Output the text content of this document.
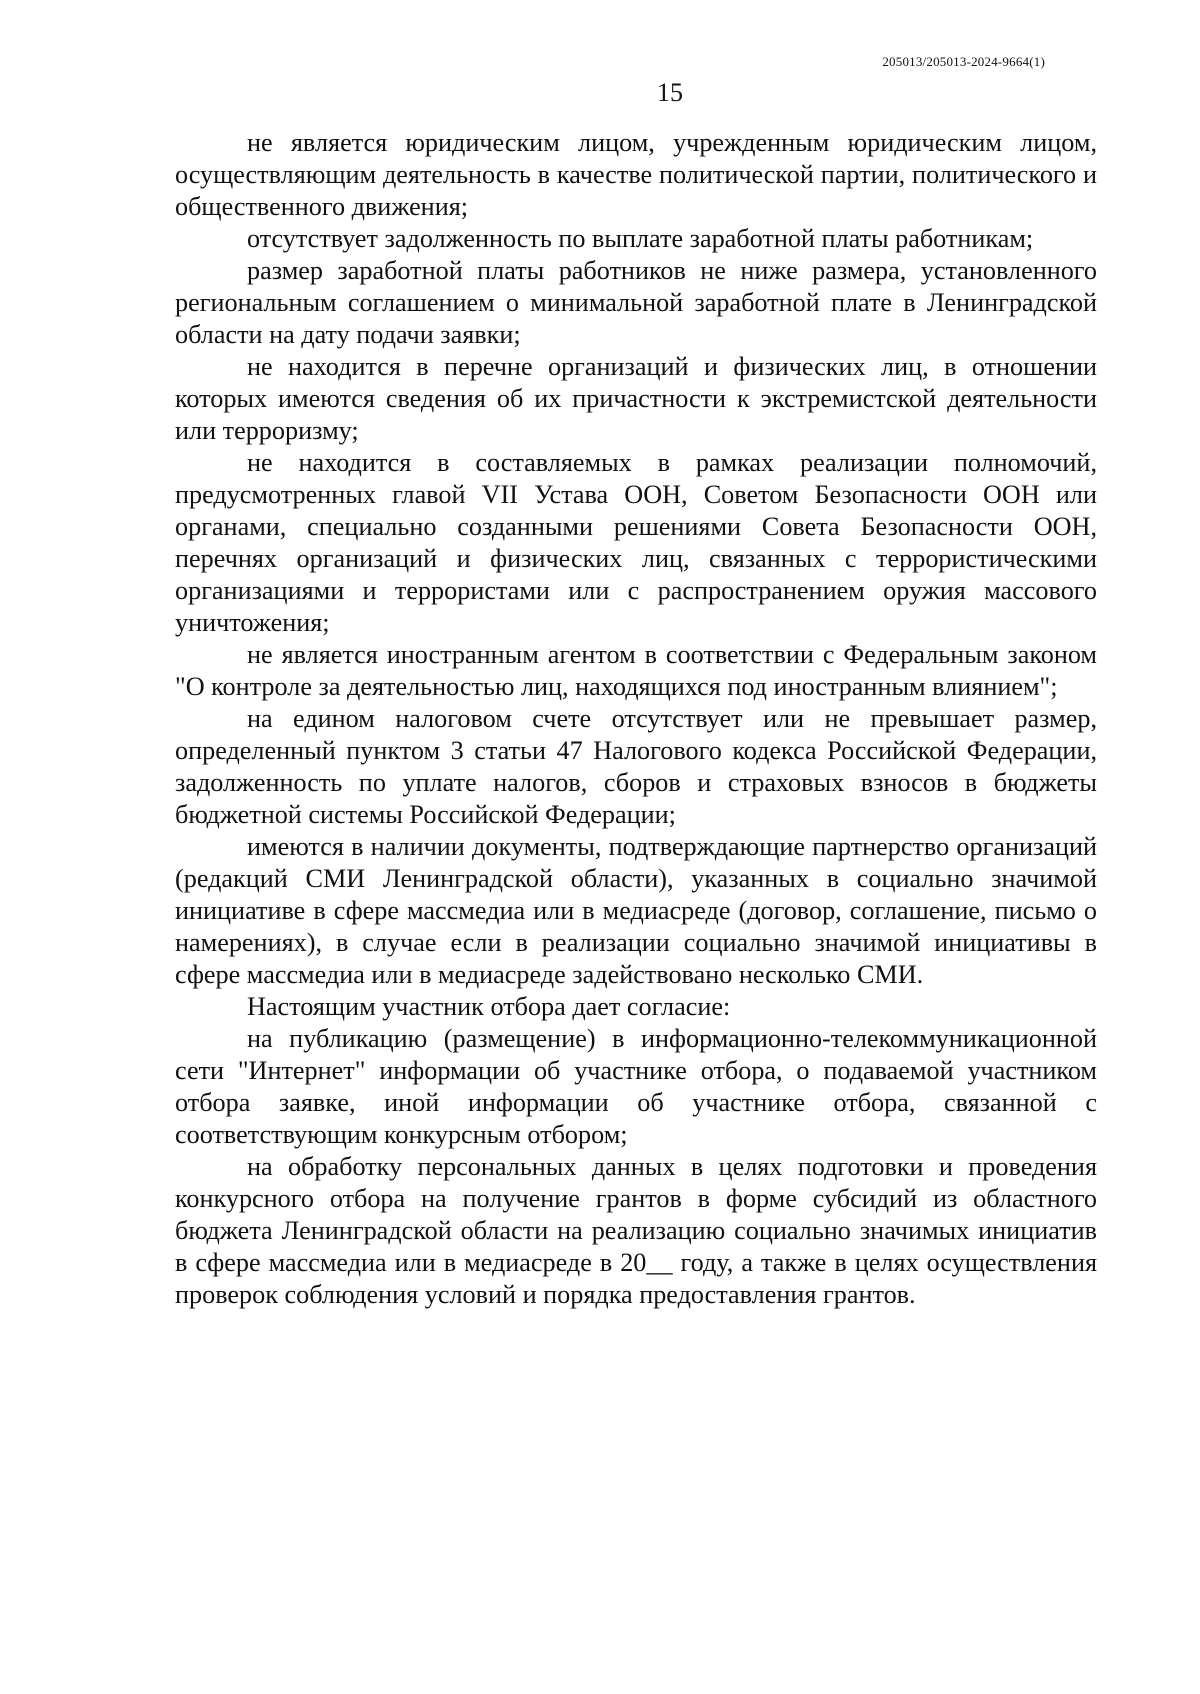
205013/205013-2024-9664(1)
15

не является юридическим лицом, учрежденным юридическим лицом, осуществляющим деятельность в качестве политической партии, политического и общественного движения;

отсутствует задолженность по выплате заработной платы работникам;

размер заработной платы работников не ниже размера, установленного региональным соглашением о минимальной заработной плате в Ленинградской области на дату подачи заявки;

не находится в перечне организаций и физических лиц, в отношении которых имеются сведения об их причастности к экстремистской деятельности или терроризму;

не находится в составляемых в рамках реализации полномочий, предусмотренных главой VII Устава ООН, Советом Безопасности ООН или органами, специально созданными решениями Совета Безопасности ООН, перечнях организаций и физических лиц, связанных с террористическими организациями и террористами или с распространением оружия массового уничтожения;

не является иностранным агентом в соответствии с Федеральным законом "О контроле за деятельностью лиц, находящихся под иностранным влиянием";

на едином налоговом счете отсутствует или не превышает размер, определенный пунктом 3 статьи 47 Налогового кодекса Российской Федерации, задолженность по уплате налогов, сборов и страховых взносов в бюджеты бюджетной системы Российской Федерации;

имеются в наличии документы, подтверждающие партнерство организаций (редакций СМИ Ленинградской области), указанных в социально значимой инициативе в сфере массмедиа или в медиасреде (договор, соглашение, письмо о намерениях), в случае если в реализации социально значимой инициативы в сфере массмедиа или в медиасреде задействовано несколько СМИ.

Настоящим участник отбора дает согласие:

на публикацию (размещение) в информационно-телекоммуникационной сети "Интернет" информации об участнике отбора, о подаваемой участником отбора заявке, иной информации об участнике отбора, связанной с соответствующим конкурсным отбором;

на обработку персональных данных в целях подготовки и проведения конкурсного отбора на получение грантов в форме субсидий из областного бюджета Ленинградской области на реализацию социально значимых инициатив в сфере массмедиа или в медиасреде в 20__ году, а также в целях осуществления проверок соблюдения условий и порядка предоставления грантов.
